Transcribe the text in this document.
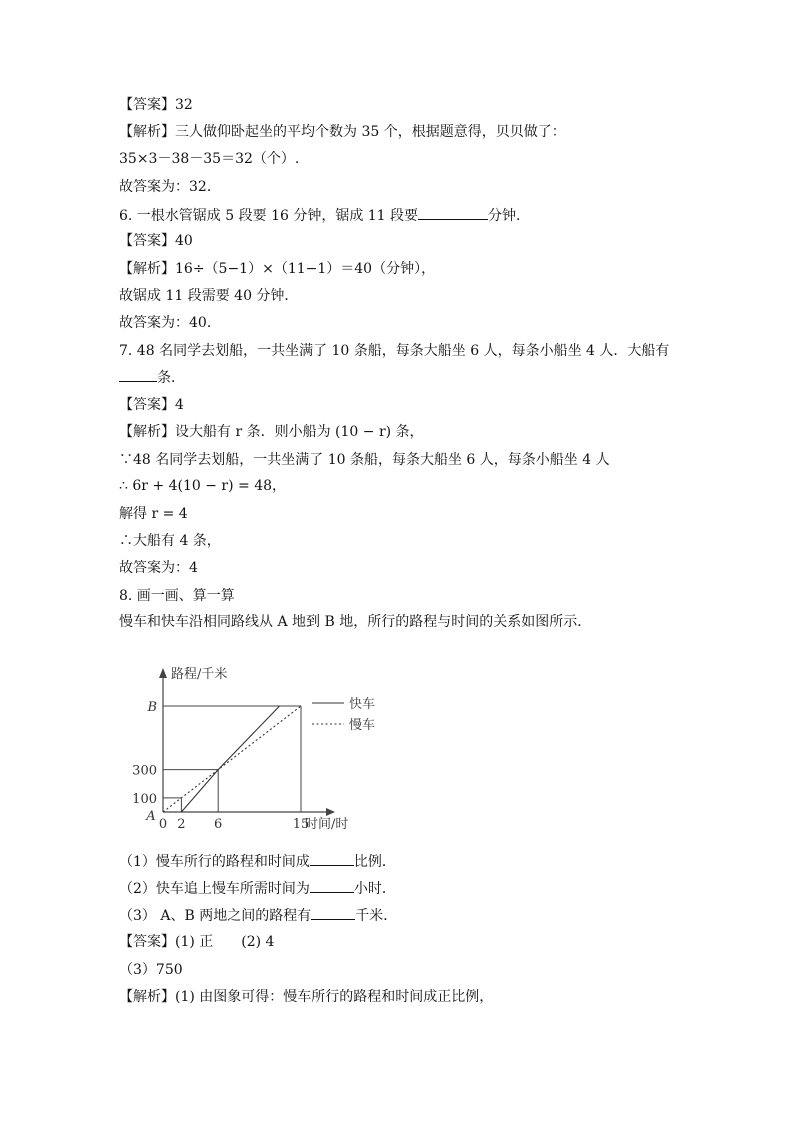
【答案】32
【解析】三人做仰卧起坐的平均个数为 35 个，根据题意得，贝贝做了：
35×3－38－35＝32（个）.
故答案为：32．
6. 一根水管锯成 5 段要 16 分钟，锯成 11 段要	分钟.
【答案】40
【解析】16÷（5−1）×（11−1）＝40（分钟），
故锯成 11 段需要 40 分钟．
故答案为：40．
7. 48 名同学去划船，一共坐满了 10 条船，每条大船坐 6 人，每条小船坐 4 人．大船有
条．
【答案】4
【解析】设大船有 r 条．则小船为 (10 − r) 条，
∵48 名同学去划船，一共坐满了 10 条船，每条大船坐 6 人，每条小船坐 4 人
∴ 6r + 4(10 − r) = 48，
解得 r = 4
∴大船有 4 条，
故答案为：4
8. 画一画、算一算
慢车和快车沿相同路线从 A 地到 B 地，所行的路程与时间的关系如图所示．
（1）慢车所行的路程和时间成	比例．
（2）快车追上慢车所需时间为	小时．
（3） A、B 两地之间的路程有	千米．
【答案】(1) 正　　(2) 4
（3）750
【解析】(1) 由图象可得：慢车所行的路程和时间成正比例，
0 2 6	15
100
300
B
A
路程/千米
时间/时
快车
慢车
